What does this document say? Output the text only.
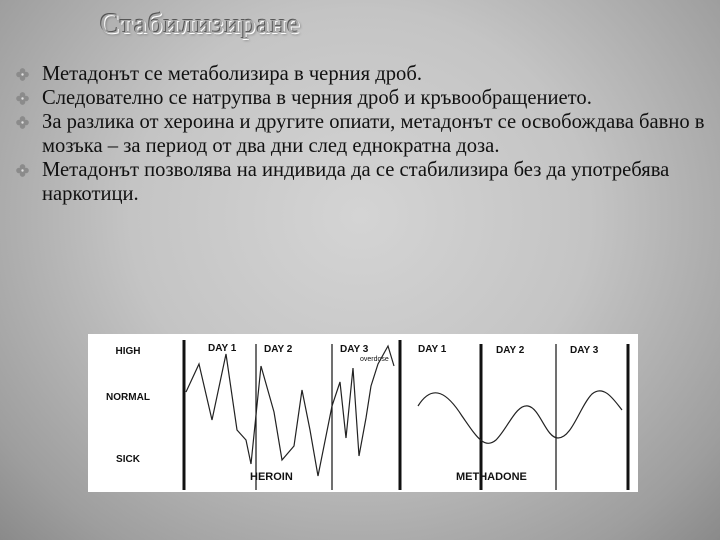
Стабилизиране
Метадонът се метаболизира в черния дроб.
Следователно се натрупва в черния дроб и кръвообращението.
За разлика от хероина и другите опиати, метадонът се освобождава бавно в мозъка – за период от два дни след еднократна доза.
Метадонът позволява на индивида да се стабилизира без да употребява наркотици.
HIGH
NORMAL
SICK
DAY 1	DAY 2	DAY 3
overdose
DAY 1	DAY 2	DAY 3
HEROIN	METHADONE
